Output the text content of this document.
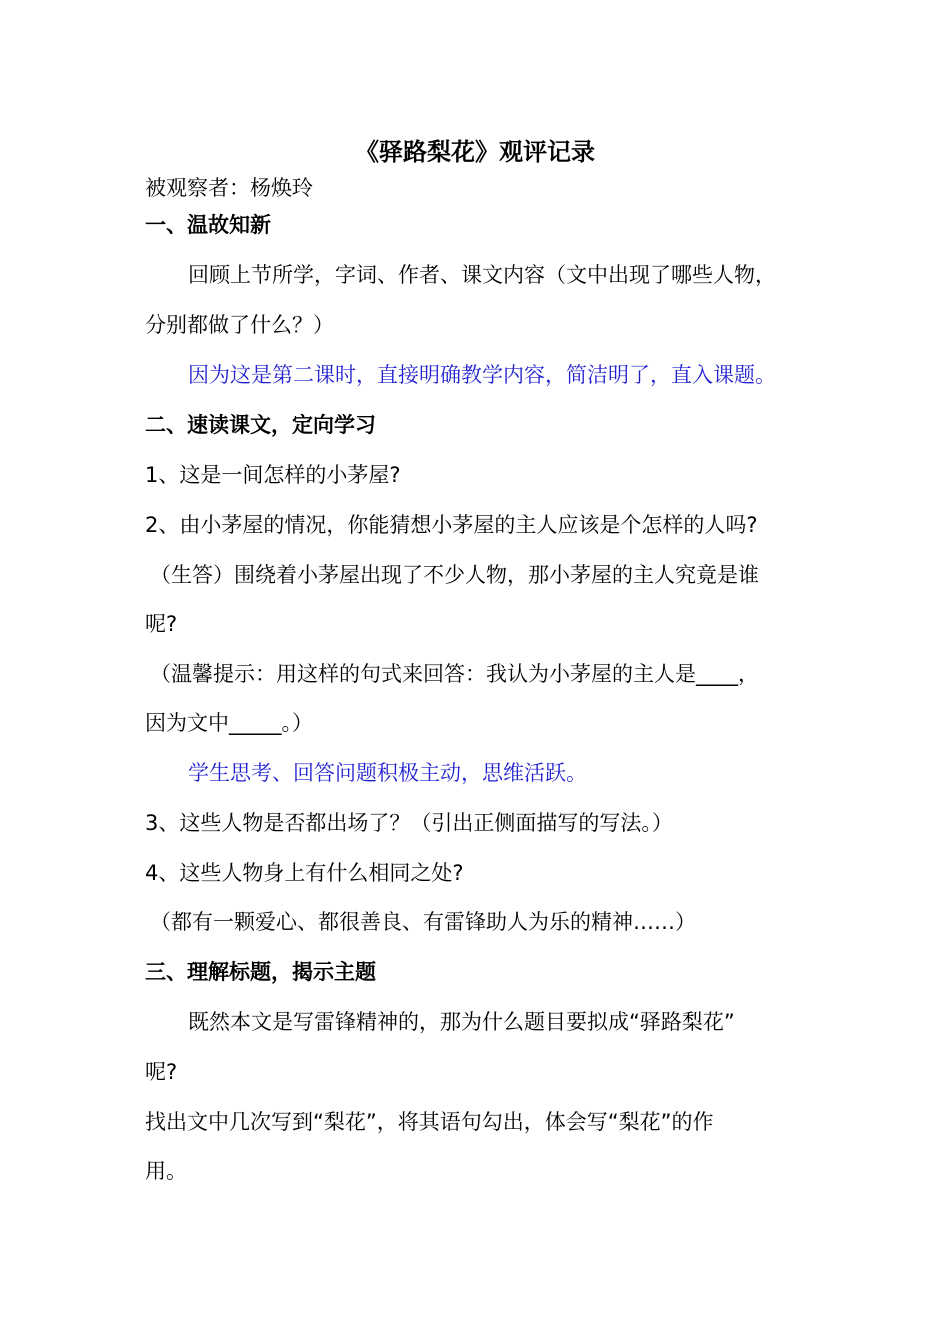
《驿路梨花》观评记录
被观察者：杨焕玲
一、温故知新
回顾上节所学，字词、作者、课文内容（文中出现了哪些人物，
分别都做了什么？）
因为这是第二课时，直接明确教学内容，简洁明了，直入课题。
二、速读课文，定向学习
1、这是一间怎样的小茅屋?
2、由小茅屋的情况，你能猜想小茅屋的主人应该是个怎样的人吗?
（生答）围绕着小茅屋出现了不少人物，那小茅屋的主人究竟是谁
呢?
（温馨提示：用这样的句式来回答：我认为小茅屋的主人是____，
因为文中_____。）
学生思考、回答问题积极主动，思维活跃。
3、这些人物是否都出场了？（引出正侧面描写的写法。）
4、这些人物身上有什么相同之处?
（都有一颗爱心、都很善良、有雷锋助人为乐的精神……）
三、理解标题，揭示主题
既然本文是写雷锋精神的，那为什么题目要拟成“驿路梨花”
呢?
找出文中几次写到“梨花”，将其语句勾出，体会写“梨花”的作
用。
